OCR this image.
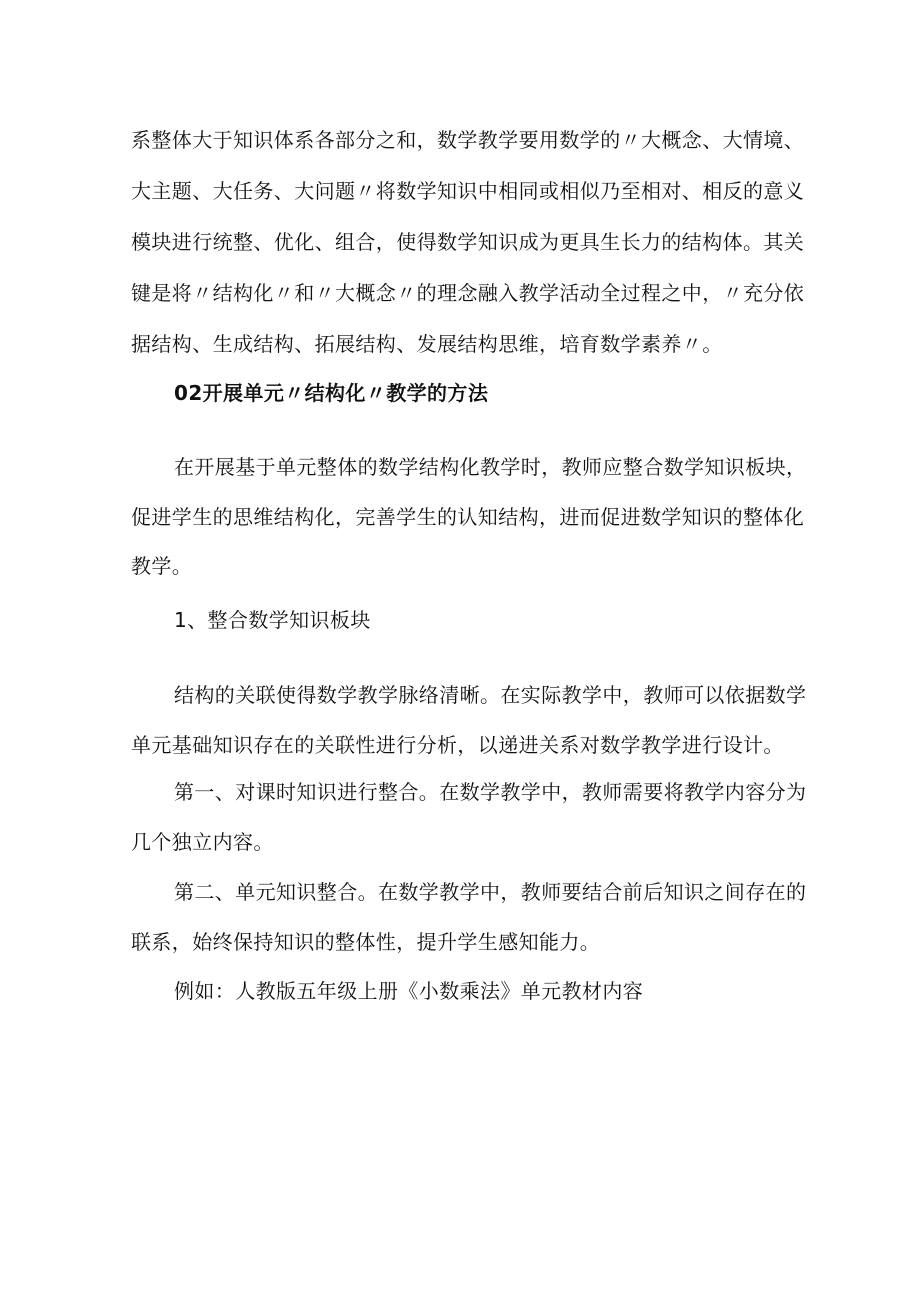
系整体大于知识体系各部分之和，数学教学要用数学的〃大概念、大情境、
大主题、大任务、大问题〃将数学知识中相同或相似乃至相对、相反的意义
模块进行统整、优化、组合，使得数学知识成为更具生长力的结构体。其关
键是将〃结构化〃和〃大概念〃的理念融入教学活动全过程之中，〃充分依
据结构、生成结构、拓展结构、发展结构思维，培育数学素养〃。
02开展单元〃结构化〃教学的方法
在开展基于单元整体的数学结构化教学时，教师应整合数学知识板块，
促进学生的思维结构化，完善学生的认知结构，进而促进数学知识的整体化
教学。
1、整合数学知识板块
结构的关联使得数学教学脉络清晰。在实际教学中，教师可以依据数学
单元基础知识存在的关联性进行分析，以递进关系对数学教学进行设计。
第一、对课时知识进行整合。在数学教学中，教师需要将教学内容分为
几个独立内容。
第二、单元知识整合。在数学教学中，教师要结合前后知识之间存在的
联系，始终保持知识的整体性，提升学生感知能力。
例如：人教版五年级上册《小数乘法》单元教材内容
